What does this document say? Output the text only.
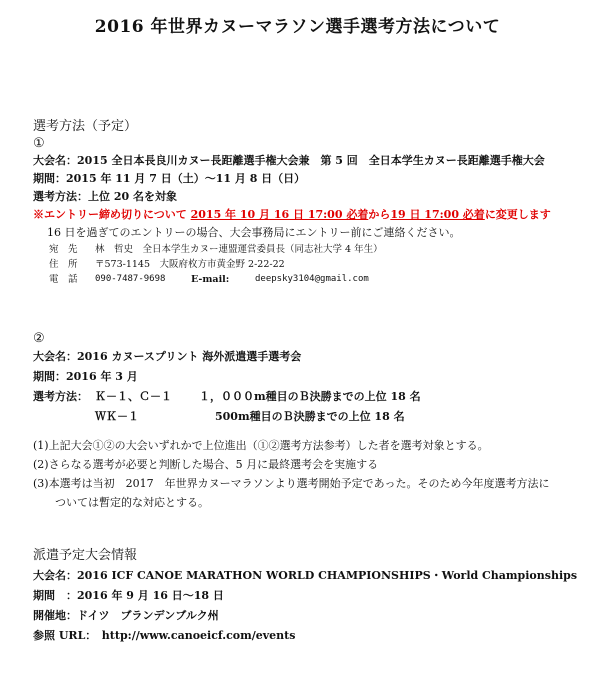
2016 年世界カヌーマラソン選手選考方法について
選考方法（予定）
①
大会名：2015 全日本長良川カヌー長距離選手権大会兼　第 5 回　全日本学生カヌー長距離選手権大会
期間：2015 年 11 月 7 日（土）～11 月 8 日（日）
選考方法：上位 20 名を対象
※エントリー締め切りについて 2015 年 10 月 16 日 17:00 必着から19 日 17:00 必着に変更します
16 日を過ぎてのエントリーの場合、大会事務局にエントリー前にご連絡ください。
宛　先 林　哲史　全日本学生カヌー連盟運営委員長（同志社大学 4 年生）
住　所 〒573-1145　大阪府枚方市黄金野 2-22-22
電　話 090-7487-9698	E-mail:	deepsky3104@gmail.com
②
大会名：2016 カヌースプリント 海外派遣選手選考会
期間：2016 年 3 月
選考方法： Ｋ－１、Ｃ－１ １，０００m種目のＢ決勝までの上位 18 名
ＷＫ－１	500m種目のＢ決勝までの上位 18 名
(1)上記大会①②の大会いずれかで上位進出（①②選考方法参考）した者を選考対象とする。
(2)さらなる選考が必要と判断した場合、5 月に最終選考会を実施する
(3)本選考は当初　2017　年世界カヌーマラソンより選考開始予定であった。そのため今年度選考方法に
　　ついては暫定的な対応とする。
派遣予定大会情報
大会名：2016 ICF CANOE MARATHON WORLD CHAMPIONSHIPS・World Championships
期間　：2016 年 9 月 16 日～18 日
開催地：ドイツ　ブランデンブルク州
参照 URL：　http://www.canoeicf.com/events
